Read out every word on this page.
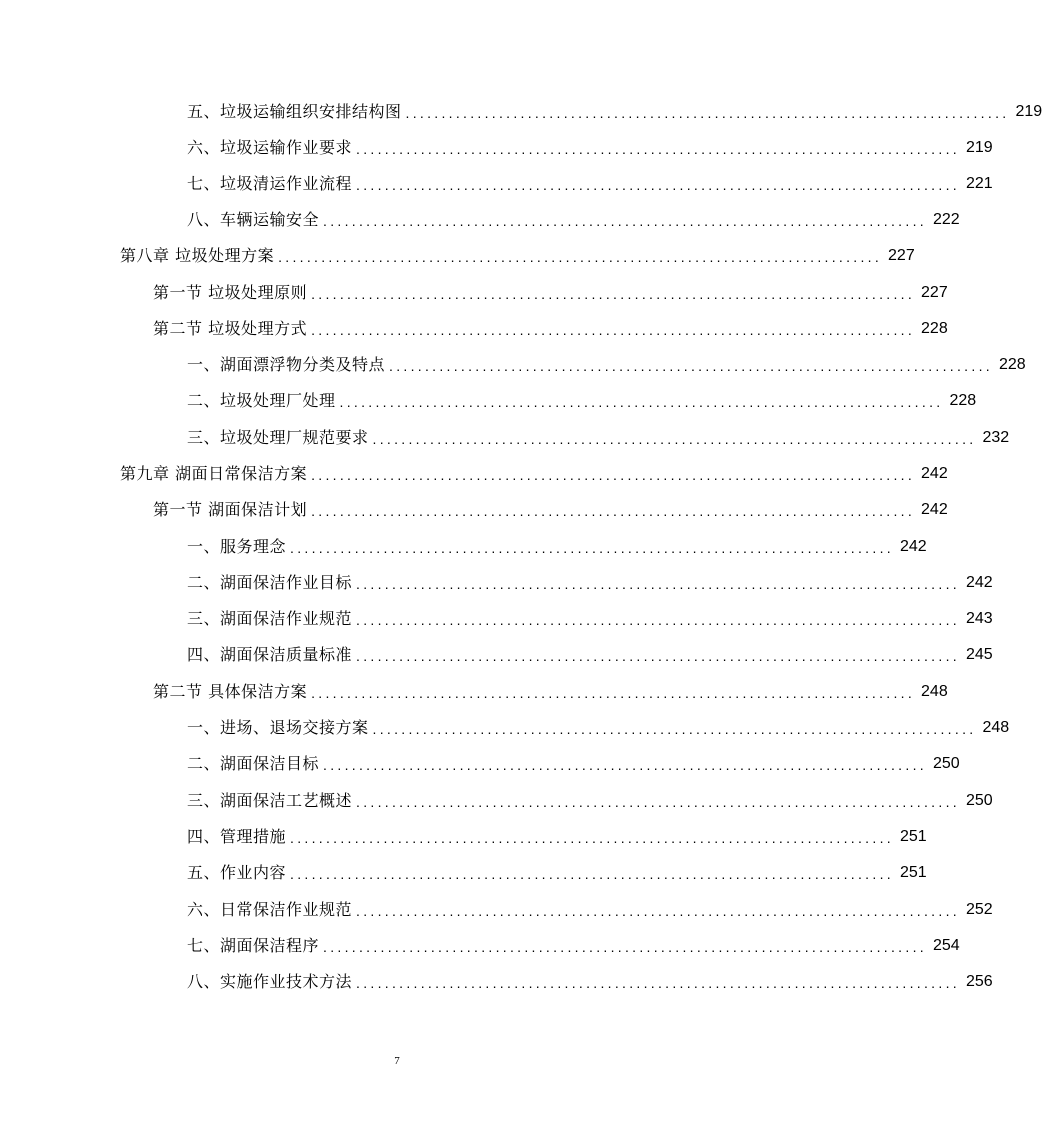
五、垃圾运输组织安排结构图 .................................................................................... 219
六、垃圾运输作业要求 .................................................................................... 219
七、垃圾清运作业流程 .................................................................................... 221
八、车辆运输安全 .................................................................................... 222
第八章 垃圾处理方案 .................................................................................... 227
第一节 垃圾处理原则 .................................................................................... 227
第二节 垃圾处理方式 .................................................................................... 228
一、湖面漂浮物分类及特点 .................................................................................... 228
二、垃圾处理厂处理 .................................................................................... 228
三、垃圾处理厂规范要求 .................................................................................... 232
第九章 湖面日常保洁方案 .................................................................................... 242
第一节 湖面保洁计划 .................................................................................... 242
一、服务理念 .................................................................................... 242
二、湖面保洁作业目标 .................................................................................... 242
三、湖面保洁作业规范 .................................................................................... 243
四、湖面保洁质量标准 .................................................................................... 245
第二节 具体保洁方案 .................................................................................... 248
一、进场、退场交接方案 .................................................................................... 248
二、湖面保洁目标 .................................................................................... 250
三、湖面保洁工艺概述 .................................................................................... 250
四、管理措施 .................................................................................... 251
五、作业内容 .................................................................................... 251
六、日常保洁作业规范 .................................................................................... 252
七、湖面保洁程序 .................................................................................... 254
八、实施作业技术方法 .................................................................................... 256
7
